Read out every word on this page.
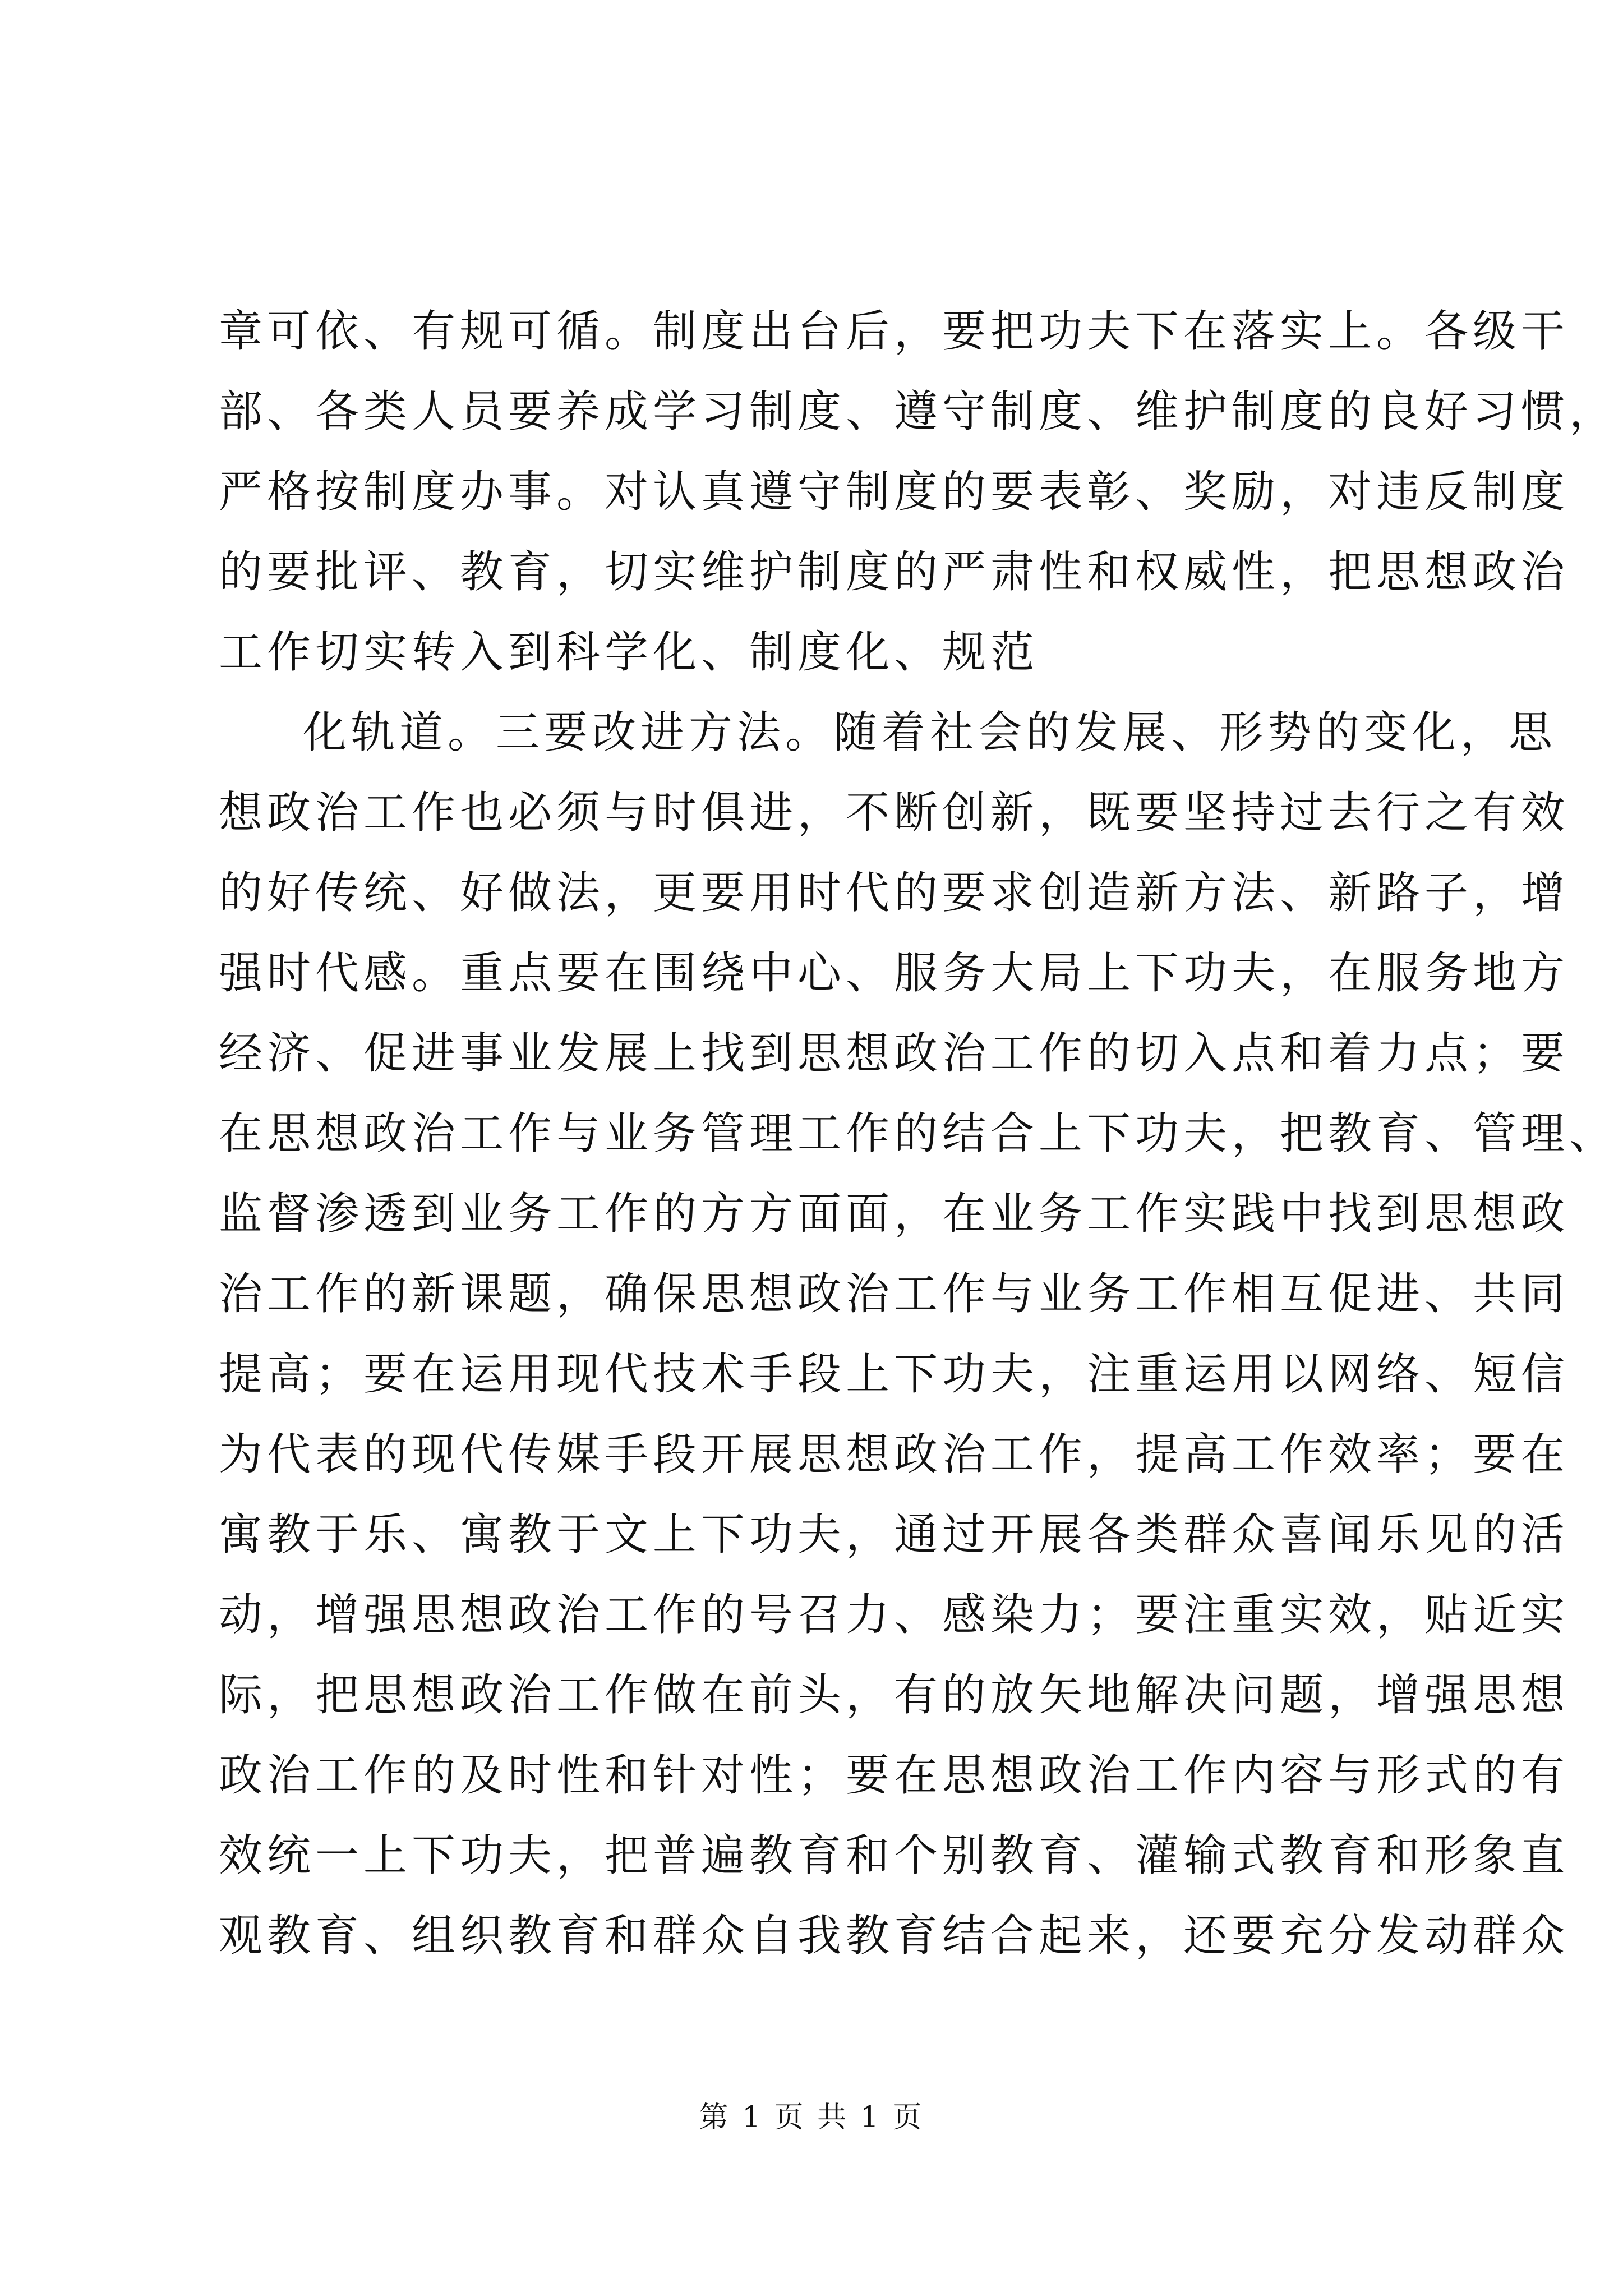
章可依、有规可循。制度出台后，要把功夫下在落实上。各级干
部、各类人员要养成学习制度、遵守制度、维护制度的良好习惯，
严格按制度办事。对认真遵守制度的要表彰、奖励，对违反制度
的要批评、教育，切实维护制度的严肃性和权威性，把思想政治
工作切实转入到科学化、制度化、规范
化轨道。三要改进方法。随着社会的发展、形势的变化，思
想政治工作也必须与时俱进，不断创新，既要坚持过去行之有效
的好传统、好做法，更要用时代的要求创造新方法、新路子，增
强时代感。重点要在围绕中心、服务大局上下功夫，在服务地方
经济、促进事业发展上找到思想政治工作的切入点和着力点；要
在思想政治工作与业务管理工作的结合上下功夫，把教育、管理、
监督渗透到业务工作的方方面面，在业务工作实践中找到思想政
治工作的新课题，确保思想政治工作与业务工作相互促进、共同
提高；要在运用现代技术手段上下功夫，注重运用以网络、短信
为代表的现代传媒手段开展思想政治工作，提高工作效率；要在
寓教于乐、寓教于文上下功夫，通过开展各类群众喜闻乐见的活
动，增强思想政治工作的号召力、感染力；要注重实效，贴近实
际，把思想政治工作做在前头，有的放矢地解决问题，增强思想
政治工作的及时性和针对性；要在思想政治工作内容与形式的有
效统一上下功夫，把普遍教育和个别教育、灌输式教育和形象直
观教育、组织教育和群众自我教育结合起来，还要充分发动群众
第 1 页 共 1 页
